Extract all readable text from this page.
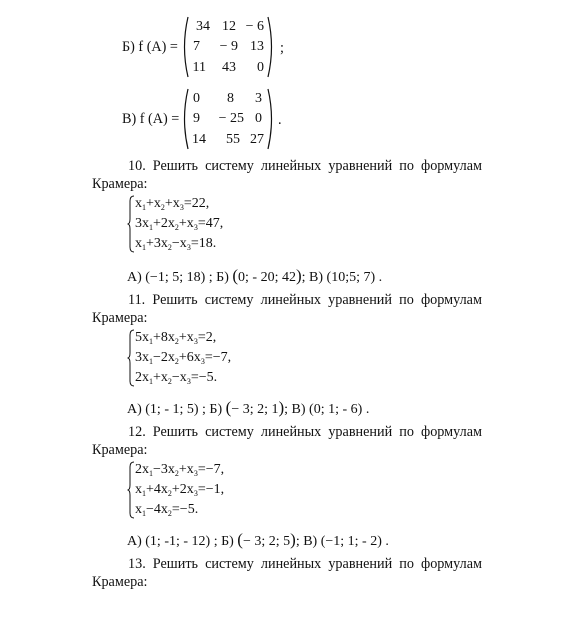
Б) f (A) =
34 12 − 6
7	− 9 13
11	43	0
;
В) f (A) =
0	8	3
9	− 25 0
14	55 27
.
10. Решить систему линейных уравнений по формулам
Крамера:
$x_1+x_2+x_3=22$,
$3x_1+2x_2+x_3=47$,
$x_1+3x_2-x_3=18$.
А) (−1; 5; 18) ; Б) (0; - 20; 42); В) (10;5; 7) .
11. Решить систему линейных уравнений по формулам
Крамера:
$5x_1+8x_2+x_3=2$,
$3x_1-2x_2+6x_3=-7$,
$2x_1+x_2-x_3=-5$.
А) (1; - 1; 5) ; Б) (− 3; 2; 1); В) (0; 1; - 6) .
12. Решить систему линейных уравнений по формулам
Крамера:
$2x_1-3x_2+x_3=-7$,
$x_1+4x_2+2x_3=-1$,
$x_1-4x_2=-5$.
А) (1; -1; - 12) ; Б) (− 3; 2; 5); В) (−1; 1; - 2) .
13. Решить систему линейных уравнений по формулам
Крамера:
